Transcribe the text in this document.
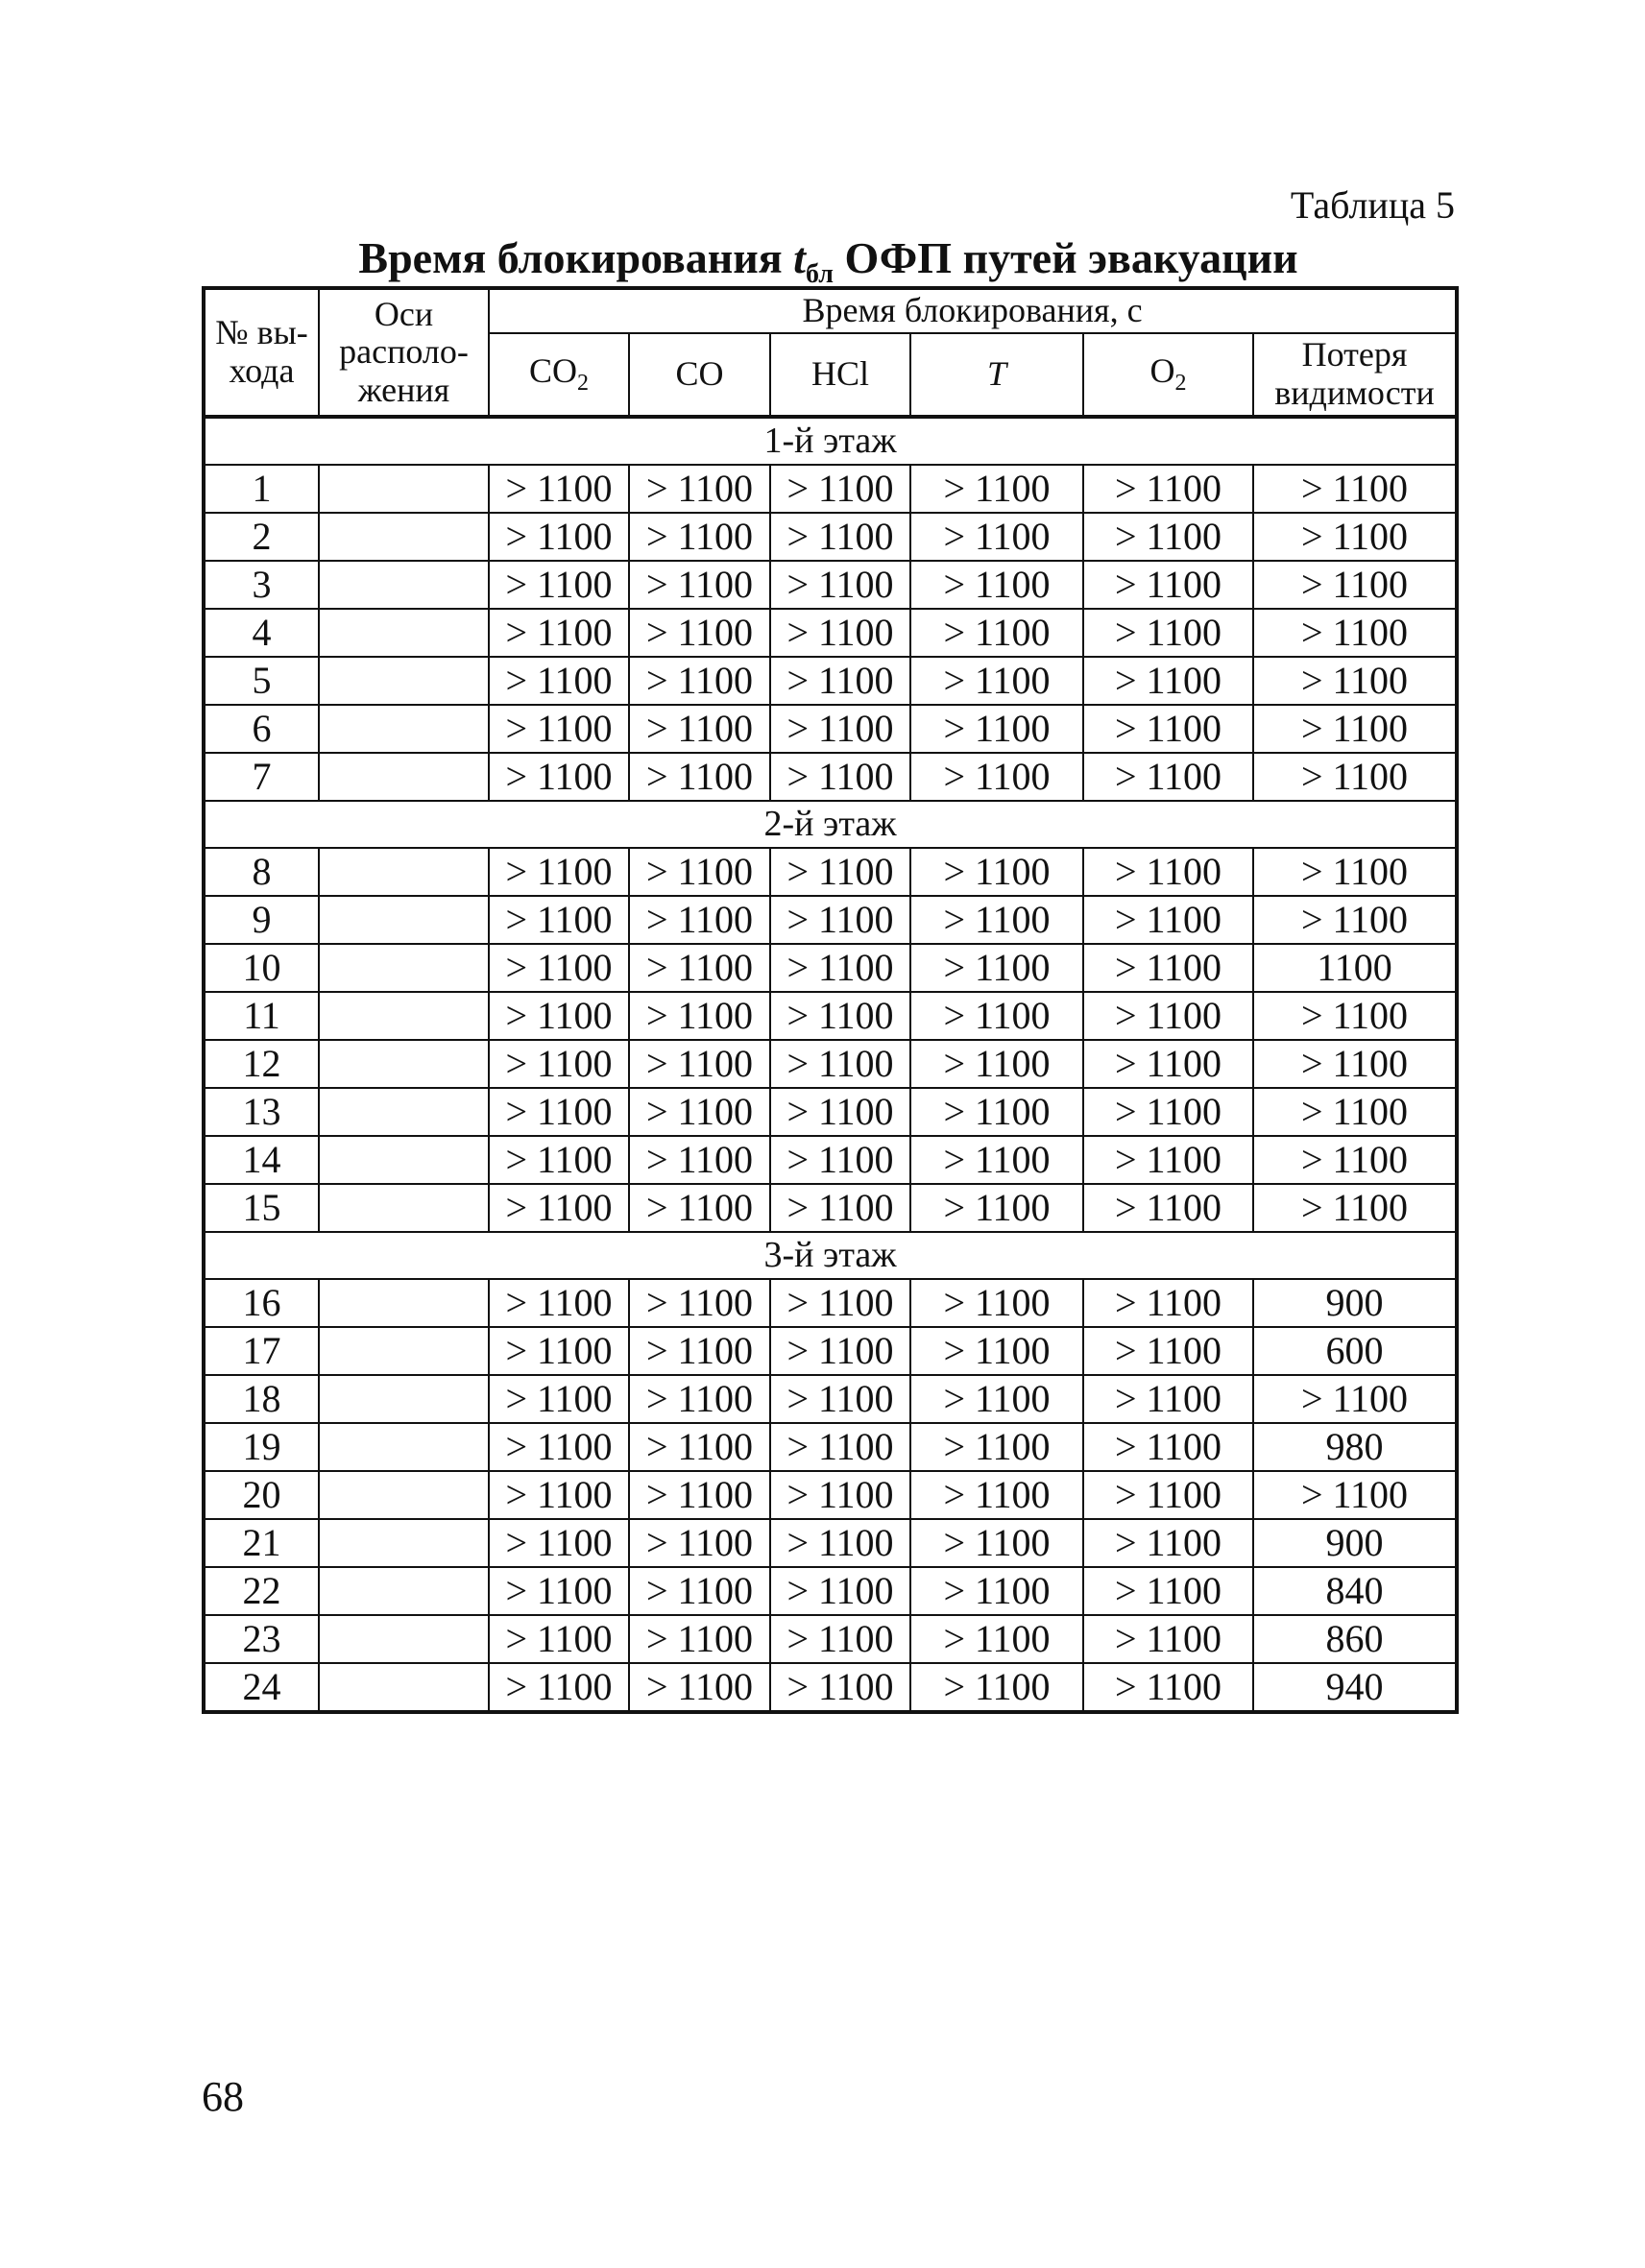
Таблица 5
Время блокирования $t_{бл}$ ОФП путей эвакуации
№ вы-хода	Оси располо-жения	Время блокирования, с					
		$CO_2$	CO	HCl	T	$O_2$	Потеря видимости
1-й этаж							
1		> 1100	> 1100	> 1100	> 1100	> 1100	> 1100
2		> 1100	> 1100	> 1100	> 1100	> 1100	> 1100
3		> 1100	> 1100	> 1100	> 1100	> 1100	> 1100
4		> 1100	> 1100	> 1100	> 1100	> 1100	> 1100
5		> 1100	> 1100	> 1100	> 1100	> 1100	> 1100
6		> 1100	> 1100	> 1100	> 1100	> 1100	> 1100
7		> 1100	> 1100	> 1100	> 1100	> 1100	> 1100
2-й этаж							
8		> 1100	> 1100	> 1100	> 1100	> 1100	> 1100
9		> 1100	> 1100	> 1100	> 1100	> 1100	> 1100
10		> 1100	> 1100	> 1100	> 1100	> 1100	1100
11		> 1100	> 1100	> 1100	> 1100	> 1100	> 1100
12		> 1100	> 1100	> 1100	> 1100	> 1100	> 1100
13		> 1100	> 1100	> 1100	> 1100	> 1100	> 1100
14		> 1100	> 1100	> 1100	> 1100	> 1100	> 1100
15		> 1100	> 1100	> 1100	> 1100	> 1100	> 1100
3-й этаж							
16		> 1100	> 1100	> 1100	> 1100	> 1100	900
17		> 1100	> 1100	> 1100	> 1100	> 1100	600
18		> 1100	> 1100	> 1100	> 1100	> 1100	> 1100
19		> 1100	> 1100	> 1100	> 1100	> 1100	980
20		> 1100	> 1100	> 1100	> 1100	> 1100	> 1100
21		> 1100	> 1100	> 1100	> 1100	> 1100	900
22		> 1100	> 1100	> 1100	> 1100	> 1100	840
23		> 1100	> 1100	> 1100	> 1100	> 1100	860
24		> 1100	> 1100	> 1100	> 1100	> 1100	940
68
